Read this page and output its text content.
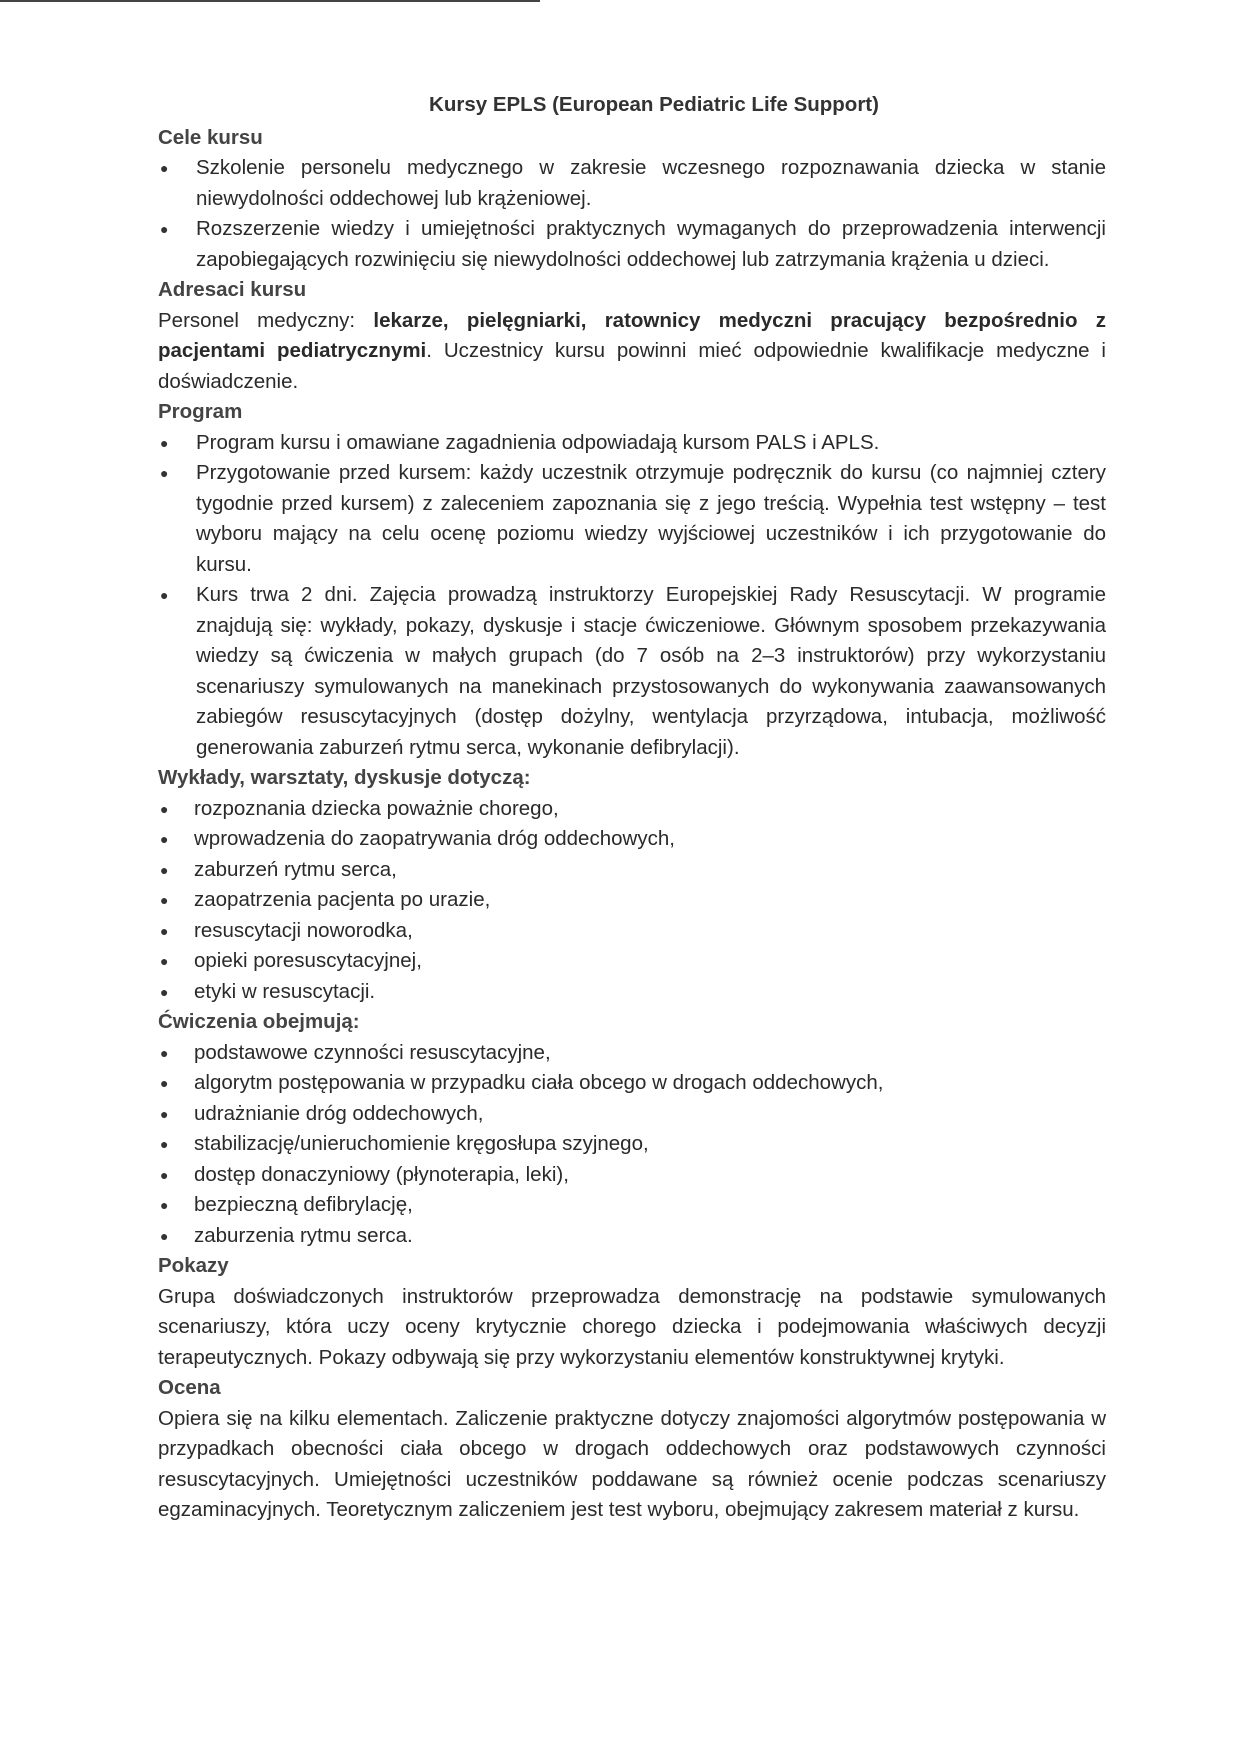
Kursy EPLS (European Pediatric Life Support)
Cele kursu
● Szkolenie personelu medycznego w zakresie wczesnego rozpoznawania dziecka w stanie niewydolności oddechowej lub krążeniowej.
● Rozszerzenie wiedzy i umiejętności praktycznych wymaganych do przeprowadzenia interwencji zapobiegających rozwinięciu się niewydolności oddechowej lub zatrzymania krążenia u dzieci.
Adresaci kursu

Personel medyczny: lekarze, pielęgniarki, ratownicy medyczni pracujący bezpośrednio z pacjentami pediatrycznymi. Uczestnicy kursu powinni mieć odpowiednie kwalifikacje medyczne i doświadczenie.

Program
● Program kursu i omawiane zagadnienia odpowiadają kursom PALS i APLS.
● Przygotowanie przed kursem: każdy uczestnik otrzymuje podręcznik do kursu (co najmniej cztery tygodnie przed kursem) z zaleceniem zapoznania się z jego treścią. Wypełnia test wstępny – test wyboru mający na celu ocenę poziomu wiedzy wyjściowej uczestników i ich przygotowanie do kursu.
● Kurs trwa 2 dni. Zajęcia prowadzą instruktorzy Europejskiej Rady Resuscytacji. W programie znajdują się: wykłady, pokazy, dyskusje i stacje ćwiczeniowe. Głównym sposobem przekazywania wiedzy są ćwiczenia w małych grupach (do 7 osób na 2–3 instruktorów) przy wykorzystaniu scenariuszy symulowanych na manekinach przystosowanych do wykonywania zaawansowanych zabiegów resuscytacyjnych (dostęp dożylny, wentylacja przyrządowa, intubacja, możliwość generowania zaburzeń rytmu serca, wykonanie defibrylacji).
Wykłady, warsztaty, dyskusje dotyczą:
● rozpoznania dziecka poważnie chorego,
● wprowadzenia do zaopatrywania dróg oddechowych,
● zaburzeń rytmu serca,
● zaopatrzenia pacjenta po urazie,
● resuscytacji noworodka,
● opieki poresuscytacyjnej,
● etyki w resuscytacji.
Ćwiczenia obejmują:
● podstawowe czynności resuscytacyjne,
● algorytm postępowania w przypadku ciała obcego w drogach oddechowych,
● udrażnianie dróg oddechowych,
● stabilizację/unieruchomienie kręgosłupa szyjnego,
● dostęp donaczyniowy (płynoterapia, leki),
● bezpieczną defibrylację,
● zaburzenia rytmu serca.
Pokazy

Grupa doświadczonych instruktorów przeprowadza demonstrację na podstawie symulowanych scenariuszy, która uczy oceny krytycznie chorego dziecka i podejmowania właściwych decyzji terapeutycznych. Pokazy odbywają się przy wykorzystaniu elementów konstruktywnej krytyki.

Ocena

Opiera się na kilku elementach. Zaliczenie praktyczne dotyczy znajomości algorytmów postępowania w przypadkach obecności ciała obcego w drogach oddechowych oraz podstawowych czynności resuscytacyjnych. Umiejętności uczestników poddawane są również ocenie podczas scenariuszy egzaminacyjnych. Teoretycznym zaliczeniem jest test wyboru, obejmujący zakresem materiał z kursu.
